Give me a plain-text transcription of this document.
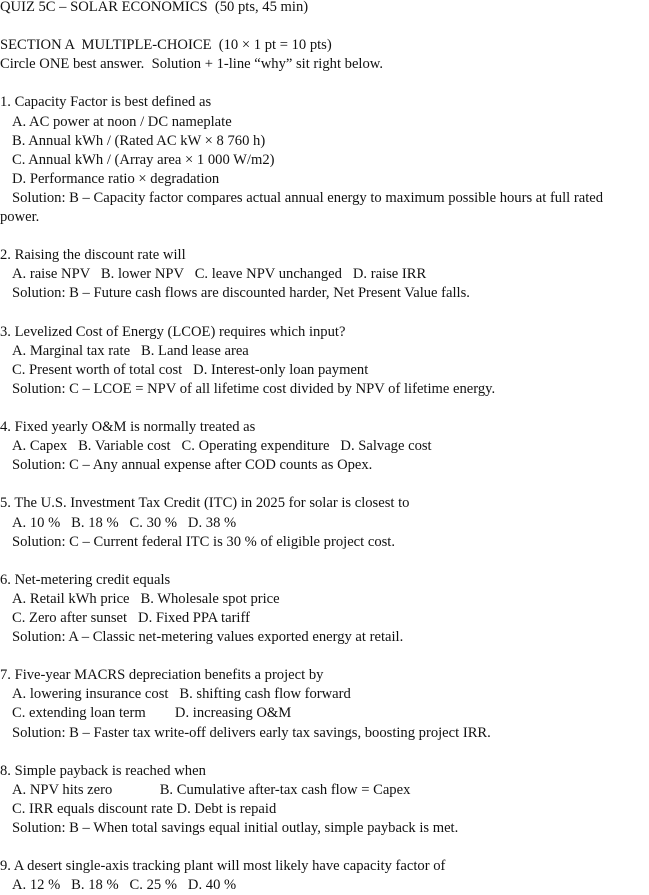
QUIZ 5C – SOLAR ECONOMICS  (50 pts, 45 min)
SECTION A  MULTIPLE-CHOICE  (10 × 1 pt = 10 pts)
Circle ONE best answer.  Solution + 1-line “why” sit right below.
1. Capacity Factor is best defined as
A. AC power at noon / DC nameplate
B. Annual kWh / (Rated AC kW × 8 760 h)
C. Annual kWh / (Array area × 1 000 W/m2)
D. Performance ratio × degradation
Solution: B – Capacity factor compares actual annual energy to maximum possible hours at full rated
power.
2. Raising the discount rate will
A. raise NPV   B. lower NPV   C. leave NPV unchanged   D. raise IRR
Solution: B – Future cash flows are discounted harder, Net Present Value falls.
3. Levelized Cost of Energy (LCOE) requires which input?
A. Marginal tax rate   B. Land lease area
C. Present worth of total cost   D. Interest-only loan payment
Solution: C – LCOE = NPV of all lifetime cost divided by NPV of lifetime energy.
4. Fixed yearly O&M is normally treated as
A. Capex   B. Variable cost   C. Operating expenditure   D. Salvage cost
Solution: C – Any annual expense after COD counts as Opex.
5. The U.S. Investment Tax Credit (ITC) in 2025 for solar is closest to
A. 10 %   B. 18 %   C. 30 %   D. 38 %
Solution: C – Current federal ITC is 30 % of eligible project cost.
6. Net-metering credit equals
A. Retail kWh price   B. Wholesale spot price
C. Zero after sunset   D. Fixed PPA tariff
Solution: A – Classic net-metering values exported energy at retail.
7. Five-year MACRS depreciation benefits a project by
A. lowering insurance cost   B. shifting cash flow forward
C. extending loan term        D. increasing O&M
Solution: B – Faster tax write-off delivers early tax savings, boosting project IRR.
8. Simple payback is reached when
A. NPV hits zero             B. Cumulative after-tax cash flow = Capex
C. IRR equals discount rate D. Debt is repaid
Solution: B – When total savings equal initial outlay, simple payback is met.
9. A desert single-axis tracking plant will most likely have capacity factor of
A. 12 %   B. 18 %   C. 25 %   D. 40 %
